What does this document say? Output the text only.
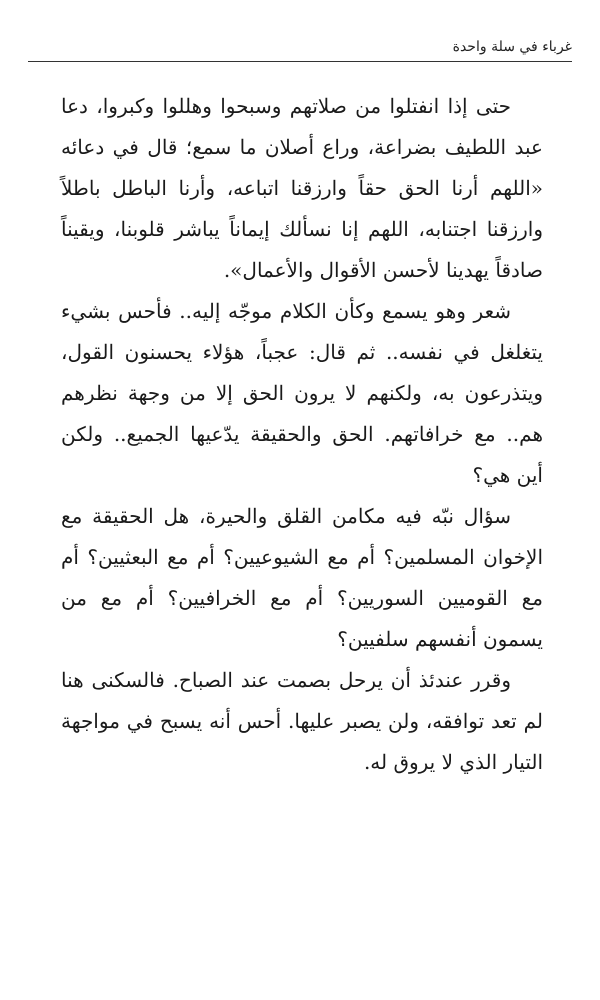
غرباء في سلة واحدة

حتى إذا انفتلوا من صلاتهم وسبحوا وهللوا وكبروا، دعا عبد اللطيف بضراعة، وراع أصلان ما سمع؛ قال في دعائه «اللهم أرنا الحق حقاً وارزقنا اتباعه، وأرنا الباطل باطلاً وارزقنا اجتنابه، اللهم إنا نسألك إيماناً يباشر قلوبنا، ويقيناً صادقاً يهدينا لأحسن الأقوال والأعمال».

شعر وهو يسمع وكأن الكلام موجّه إليه.. فأحس بشيء يتغلغل في نفسه.. ثم قال: عجباً، هؤلاء يحسنون القول، ويتذرعون به، ولكنهم لا يرون الحق إلا من وجهة نظرهم هم.. مع خرافاتهم. الحق والحقيقة يدّعيها الجميع.. ولكن أين هي؟

سؤال نبّه فيه مكامن القلق والحيرة، هل الحقيقة مع الإخوان المسلمين؟ أم مع الشيوعيين؟ أم مع البعثيين؟ أم مع القوميين السوريين؟ أم مع الخرافيين؟ أم مع من يسمون أنفسهم سلفيين؟

وقرر عندئذ أن يرحل بصمت عند الصباح. فالسكنى هنا لم تعد توافقه، ولن يصبر عليها. أحس أنه يسبح في مواجهة التيار الذي لا يروق له.
